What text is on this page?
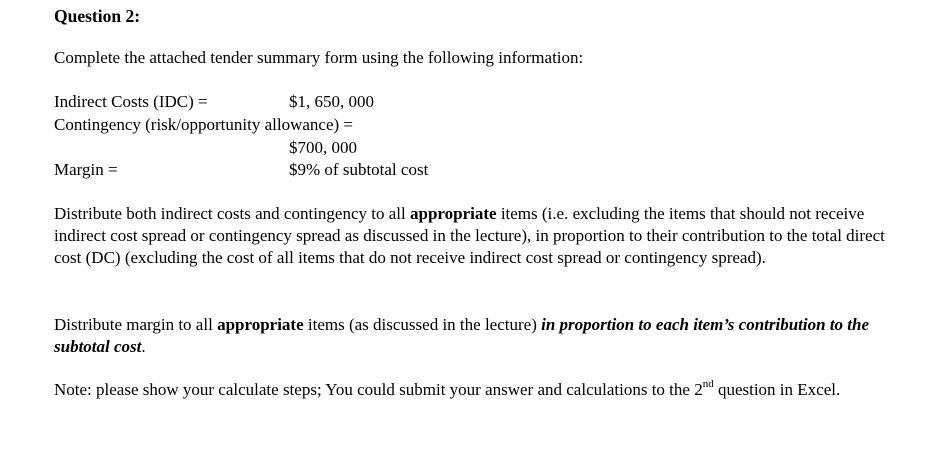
Question 2:
Complete the attached tender summary form using the following information:
Indirect Costs (IDC) =	$1, 650, 000
Contingency (risk/opportunity allowance) =
$700, 000
Margin =	$9% of subtotal cost
Distribute both indirect costs and contingency to all appropriate items (i.e. excluding the items that should not receive indirect cost spread or contingency spread as discussed in the lecture), in proportion to their contribution to the total direct cost (DC) (excluding the cost of all items that do not receive indirect cost spread or contingency spread).
Distribute margin to all appropriate items (as discussed in the lecture) in proportion to each item’s contribution to the subtotal cost.
Note: please show your calculate steps; You could submit your answer and calculations to the 2nd question in Excel.
